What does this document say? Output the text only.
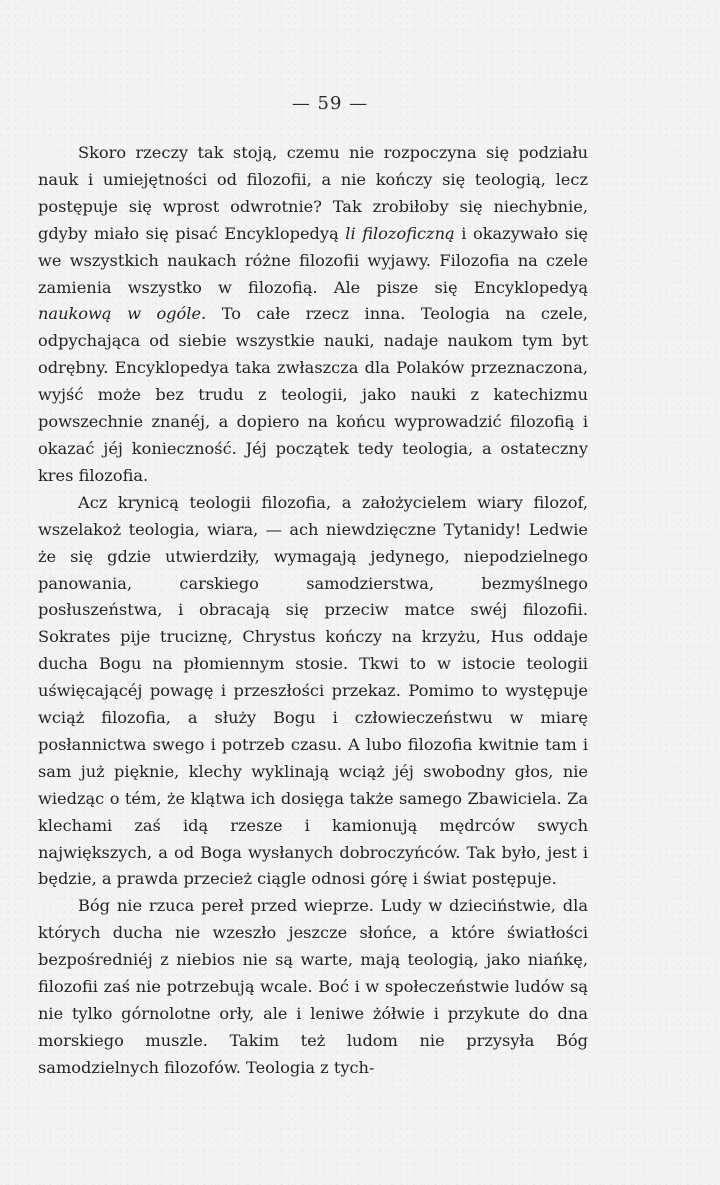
— 59 —

Skoro rzeczy tak stoją, czemu nie rozpoczyna się podziału nauk i umiejętności od filozofii, a nie kończy się teologią, lecz postępuje się wprost odwrotnie? Tak zrobiłoby się niechybnie, gdyby miało się pisać Encyklopedyą li filozoficzną i okazywało się we wszystkich naukach różne filozofii wyjawy. Filozofia na czele zamienia wszystko w filozofią. Ale pisze się Encyklopedyą naukową w ogóle. To całe rzecz inna. Teologia na czele, odpychająca od siebie wszystkie nauki, nadaje naukom tym byt odrębny. Encyklopedya taka zwłaszcza dla Polaków przeznaczona, wyjść może bez trudu z teologii, jako nauki z katechizmu powszechnie znanéj, a dopiero na końcu wyprowadzić filozofią i okazać jéj konieczność. Jéj początek tedy teologia, a ostateczny kres filozofia.

Acz krynicą teologii filozofia, a założycielem wiary filozof, wszelakoż teologia, wiara, — ach niewdzięczne Tytanidy! Ledwie że się gdzie utwierdziły, wymagają jedynego, niepodzielnego panowania, carskiego samodzierstwa, bezmyślnego posłuszeństwa, i obracają się przeciw matce swéj filozofii. Sokrates pije truciznę, Chrystus kończy na krzyżu, Hus oddaje ducha Bogu na płomiennym stosie. Tkwi to w istocie teologii uświęcającéj powagę i przeszłości przekaz. Pomimo to występuje wciąż filozofia, a służy Bogu i człowieczeństwu w miarę posłannictwa swego i potrzeb czasu. A lubo filozofia kwitnie tam i sam już pięknie, klechy wyklinają wciąż jéj swobodny głos, nie wiedząc o tém, że klątwa ich dosięga także samego Zbawiciela. Za klechami zaś idą rzesze i kamionują mędrców swych największych, a od Boga wysłanych dobroczyńców. Tak było, jest i będzie, a prawda przecież ciągle odnosi górę i świat postępuje.

Bóg nie rzuca pereł przed wieprze. Ludy w dzieciństwie, dla których ducha nie wzeszło jeszcze słońce, a które światłości bezpośredniéj z niebios nie są warte, mają teologią, jako niańkę, filozofii zaś nie potrzebują wcale. Boć i w społeczeństwie ludów są nie tylko górnolotne orły, ale i leniwe żółwie i przykute do dna morskiego muszle. Takim też ludom nie przysyła Bóg samodzielnych filozofów. Teologia z tych-
